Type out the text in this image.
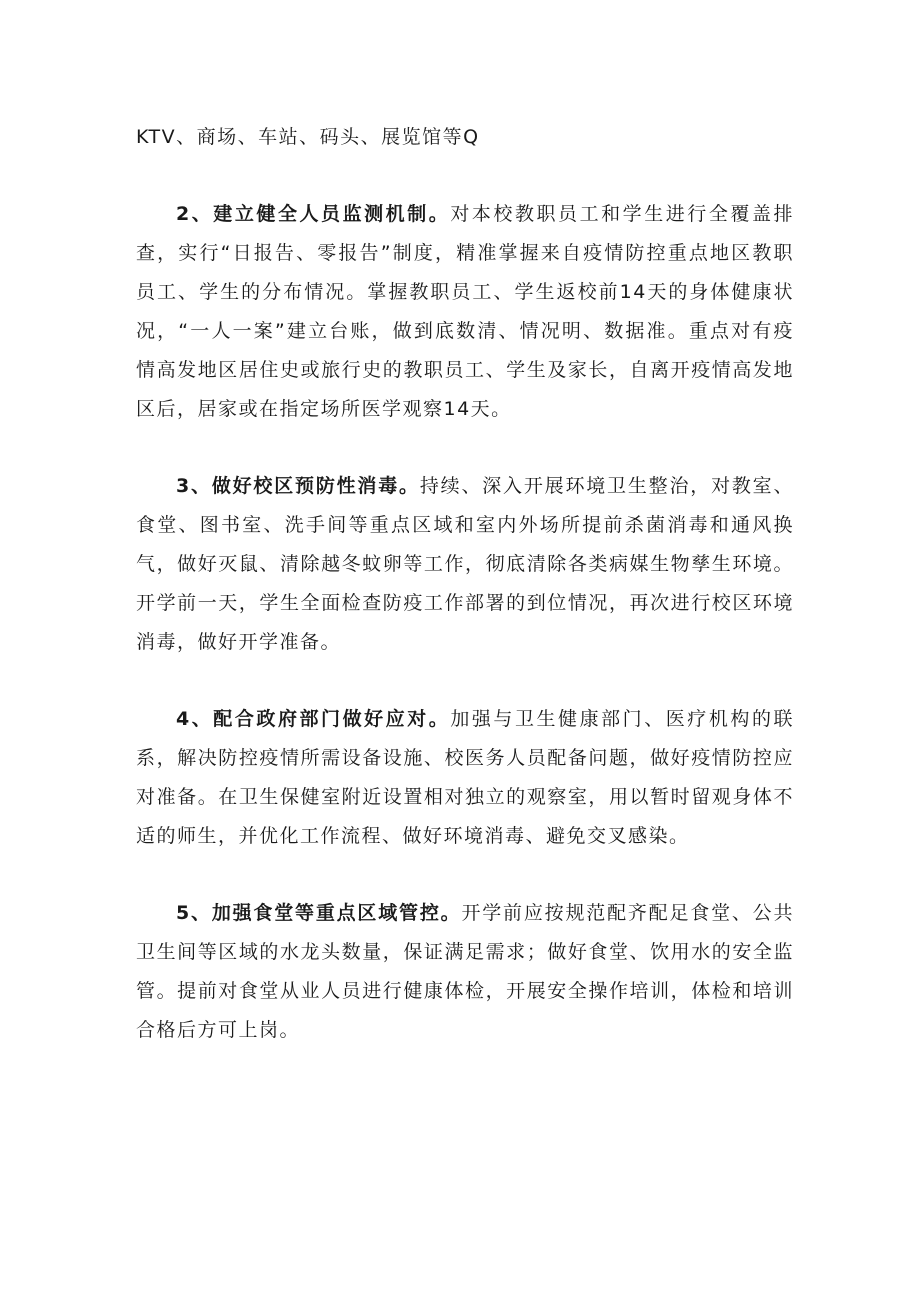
KTV、商场、车站、码头、展览馆等Q

2、建立健全人员监测机制。对本校教职员工和学生进行全覆盖排查，实行“日报告、零报告”制度，精准掌握来自疫情防控重点地区教职员工、学生的分布情况。掌握教职员工、学生返校前14天的身体健康状况，“一人一案”建立台账，做到底数清、情况明、数据准。重点对有疫情高发地区居住史或旅行史的教职员工、学生及家长，自离开疫情高发地区后，居家或在指定场所医学观察14天。

3、做好校区预防性消毒。持续、深入开展环境卫生整治，对教室、食堂、图书室、洗手间等重点区域和室内外场所提前杀菌消毒和通风换气，做好灭鼠、清除越冬蚊卵等工作，彻底清除各类病媒生物孳生环境。开学前一天，学生全面检查防疫工作部署的到位情况，再次进行校区环境消毒，做好开学准备。

4、配合政府部门做好应对。加强与卫生健康部门、医疗机构的联系，解决防控疫情所需设备设施、校医务人员配备问题，做好疫情防控应对准备。在卫生保健室附近设置相对独立的观察室，用以暂时留观身体不适的师生，并优化工作流程、做好环境消毒、避免交叉感染。

5、加强食堂等重点区域管控。开学前应按规范配齐配足食堂、公共卫生间等区域的水龙头数量，保证满足需求；做好食堂、饮用水的安全监管。提前对食堂从业人员进行健康体检，开展安全操作培训，体检和培训合格后方可上岗。
